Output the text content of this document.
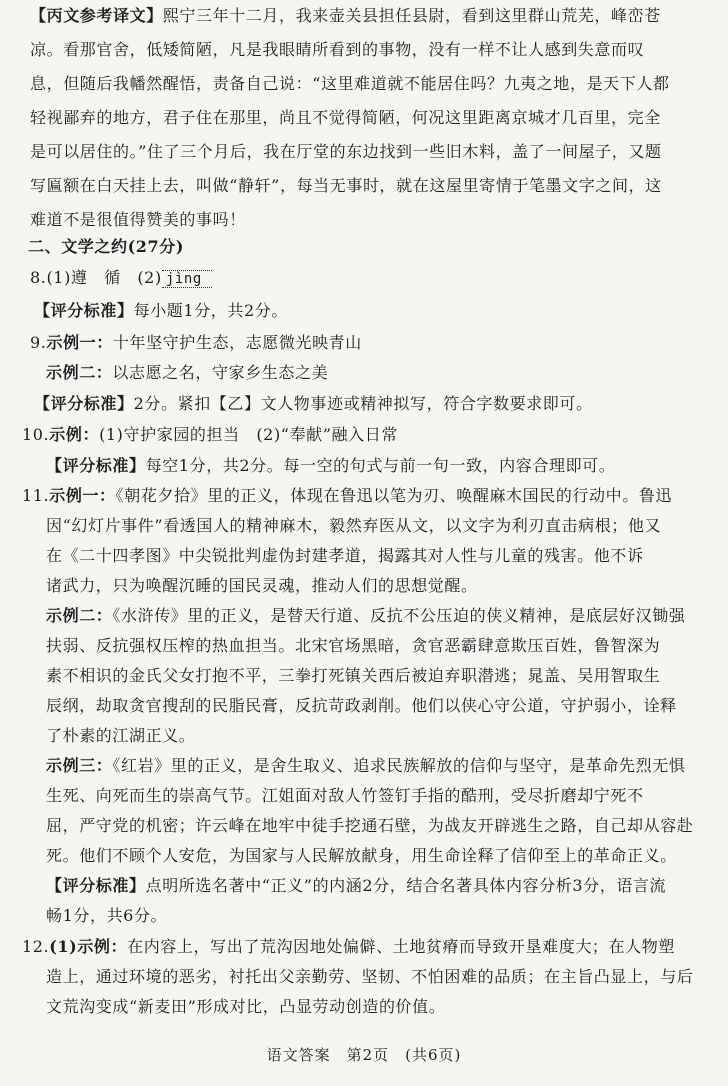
【丙文参考译文】熙宁三年十二月，我来壶关县担任县尉，看到这里群山荒芜，峰峦苍
凉。看那官舍，低矮简陋，凡是我眼睛所看到的事物，没有一样不让人感到失意而叹
息，但随后我幡然醒悟，责备自己说：“这里难道就不能居住吗？九夷之地，是天下人都
轻视鄙弃的地方，君子住在那里，尚且不觉得简陋，何况这里距离京城才几百里，完全
是可以居住的。”住了三个月后，我在厅堂的东边找到一些旧木料，盖了一间屋子，又题
写匾额在白天挂上去，叫做“静轩”，每当无事时，就在这屋里寄情于笔墨文字之间，这
难道不是很值得赞美的事吗！
二、文学之约(27分)
8.(1)遵　循　(2) jìng
【评分标准】每小题1分，共2分。
9.示例一：十年坚守护生态，志愿微光映青山
示例二：以志愿之名，守家乡生态之美
【评分标准】2分。紧扣【乙】文人物事迹或精神拟写，符合字数要求即可。
10.示例：(1)守护家园的担当　(2)“奉献”融入日常
【评分标准】每空1分，共2分。每一空的句式与前一句一致，内容合理即可。
11.示例一：《朝花夕拾》里的正义，体现在鲁迅以笔为刃、唤醒麻木国民的行动中。鲁迅
因“幻灯片事件”看透国人的精神麻木，毅然弃医从文，以文字为利刃直击病根；他又
在《二十四孝图》中尖锐批判虚伪封建孝道，揭露其对人性与儿童的残害。他不诉
诸武力，只为唤醒沉睡的国民灵魂，推动人们的思想觉醒。
示例二：《水浒传》里的正义，是替天行道、反抗不公压迫的侠义精神，是底层好汉锄强
扶弱、反抗强权压榨的热血担当。北宋官场黑暗，贪官恶霸肆意欺压百姓，鲁智深为
素不相识的金氏父女打抱不平，三拳打死镇关西后被迫弃职潜逃；晁盖、吴用智取生
辰纲，劫取贪官搜刮的民脂民膏，反抗苛政剥削。他们以侠心守公道，守护弱小，诠释
了朴素的江湖正义。
示例三：《红岩》里的正义，是舍生取义、追求民族解放的信仰与坚守，是革命先烈无惧
生死、向死而生的崇高气节。江姐面对敌人竹签钉手指的酷刑，受尽折磨却宁死不
屈，严守党的机密；许云峰在地牢中徒手挖通石壁，为战友开辟逃生之路，自己却从容赴
死。他们不顾个人安危，为国家与人民解放献身，用生命诠释了信仰至上的革命正义。
【评分标准】点明所选名著中“正义”的内涵2分，结合名著具体内容分析3分，语言流
畅1分，共6分。
12.(1)示例：在内容上，写出了荒沟因地处偏僻、土地贫瘠而导致开垦难度大；在人物塑
造上，通过环境的恶劣，衬托出父亲勤劳、坚韧、不怕困难的品质；在主旨凸显上，与后
文荒沟变成“新麦田”形成对比，凸显劳动创造的价值。
语文答案　第2页　(共6页)
